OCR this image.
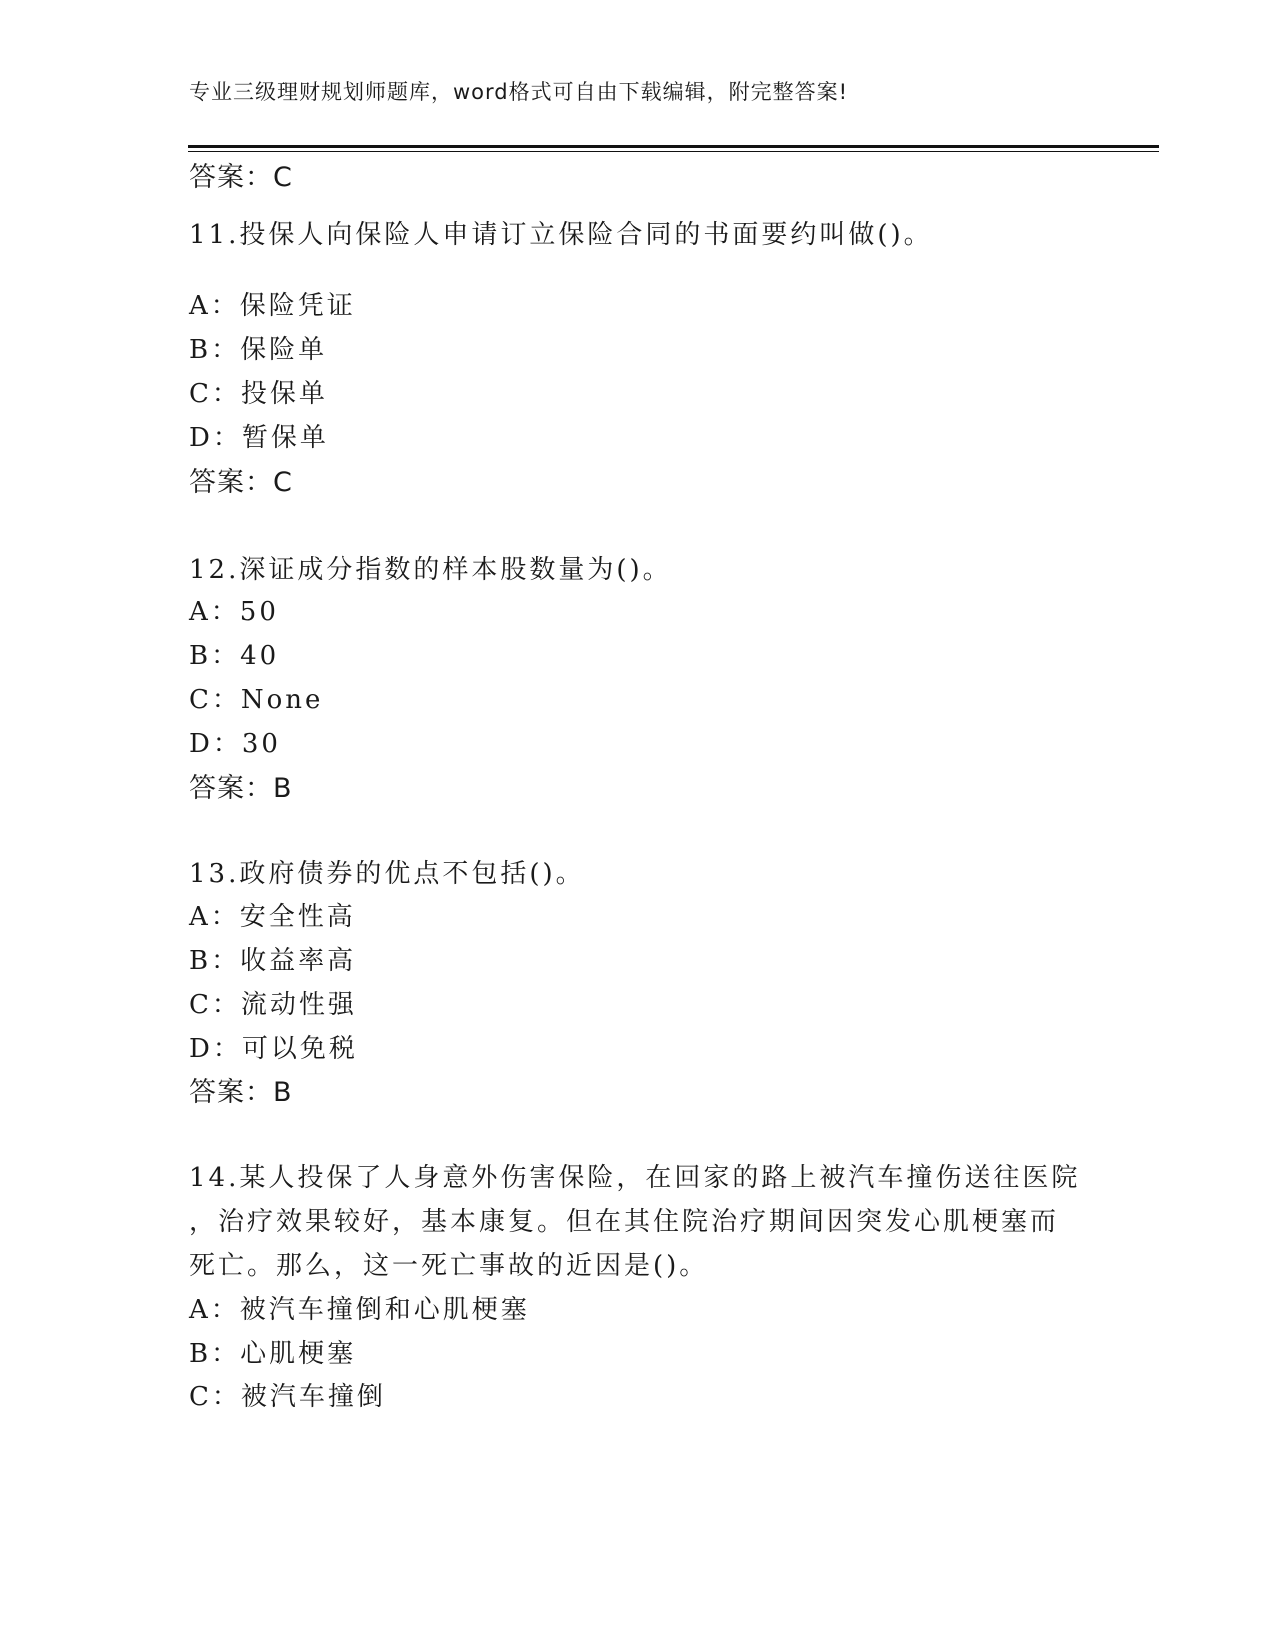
专业三级理财规划师题库，word格式可自由下载编辑，附完整答案!
答案：C
11.投保人向保险人申请订立保险合同的书面要约叫做()。
A：保险凭证
B：保险单
C：投保单
D：暂保单
答案：C
12.深证成分指数的样本股数量为()。
A：50
B：40
C：None
D：30
答案：B
13.政府债券的优点不包括()。
A：安全性高
B：收益率高
C：流动性强
D：可以免税
答案：B
14.某人投保了人身意外伤害保险，在回家的路上被汽车撞伤送往医院
，治疗效果较好，基本康复。但在其住院治疗期间因突发心肌梗塞而
死亡。那么，这一死亡事故的近因是()。
A：被汽车撞倒和心肌梗塞
B：心肌梗塞
C：被汽车撞倒
